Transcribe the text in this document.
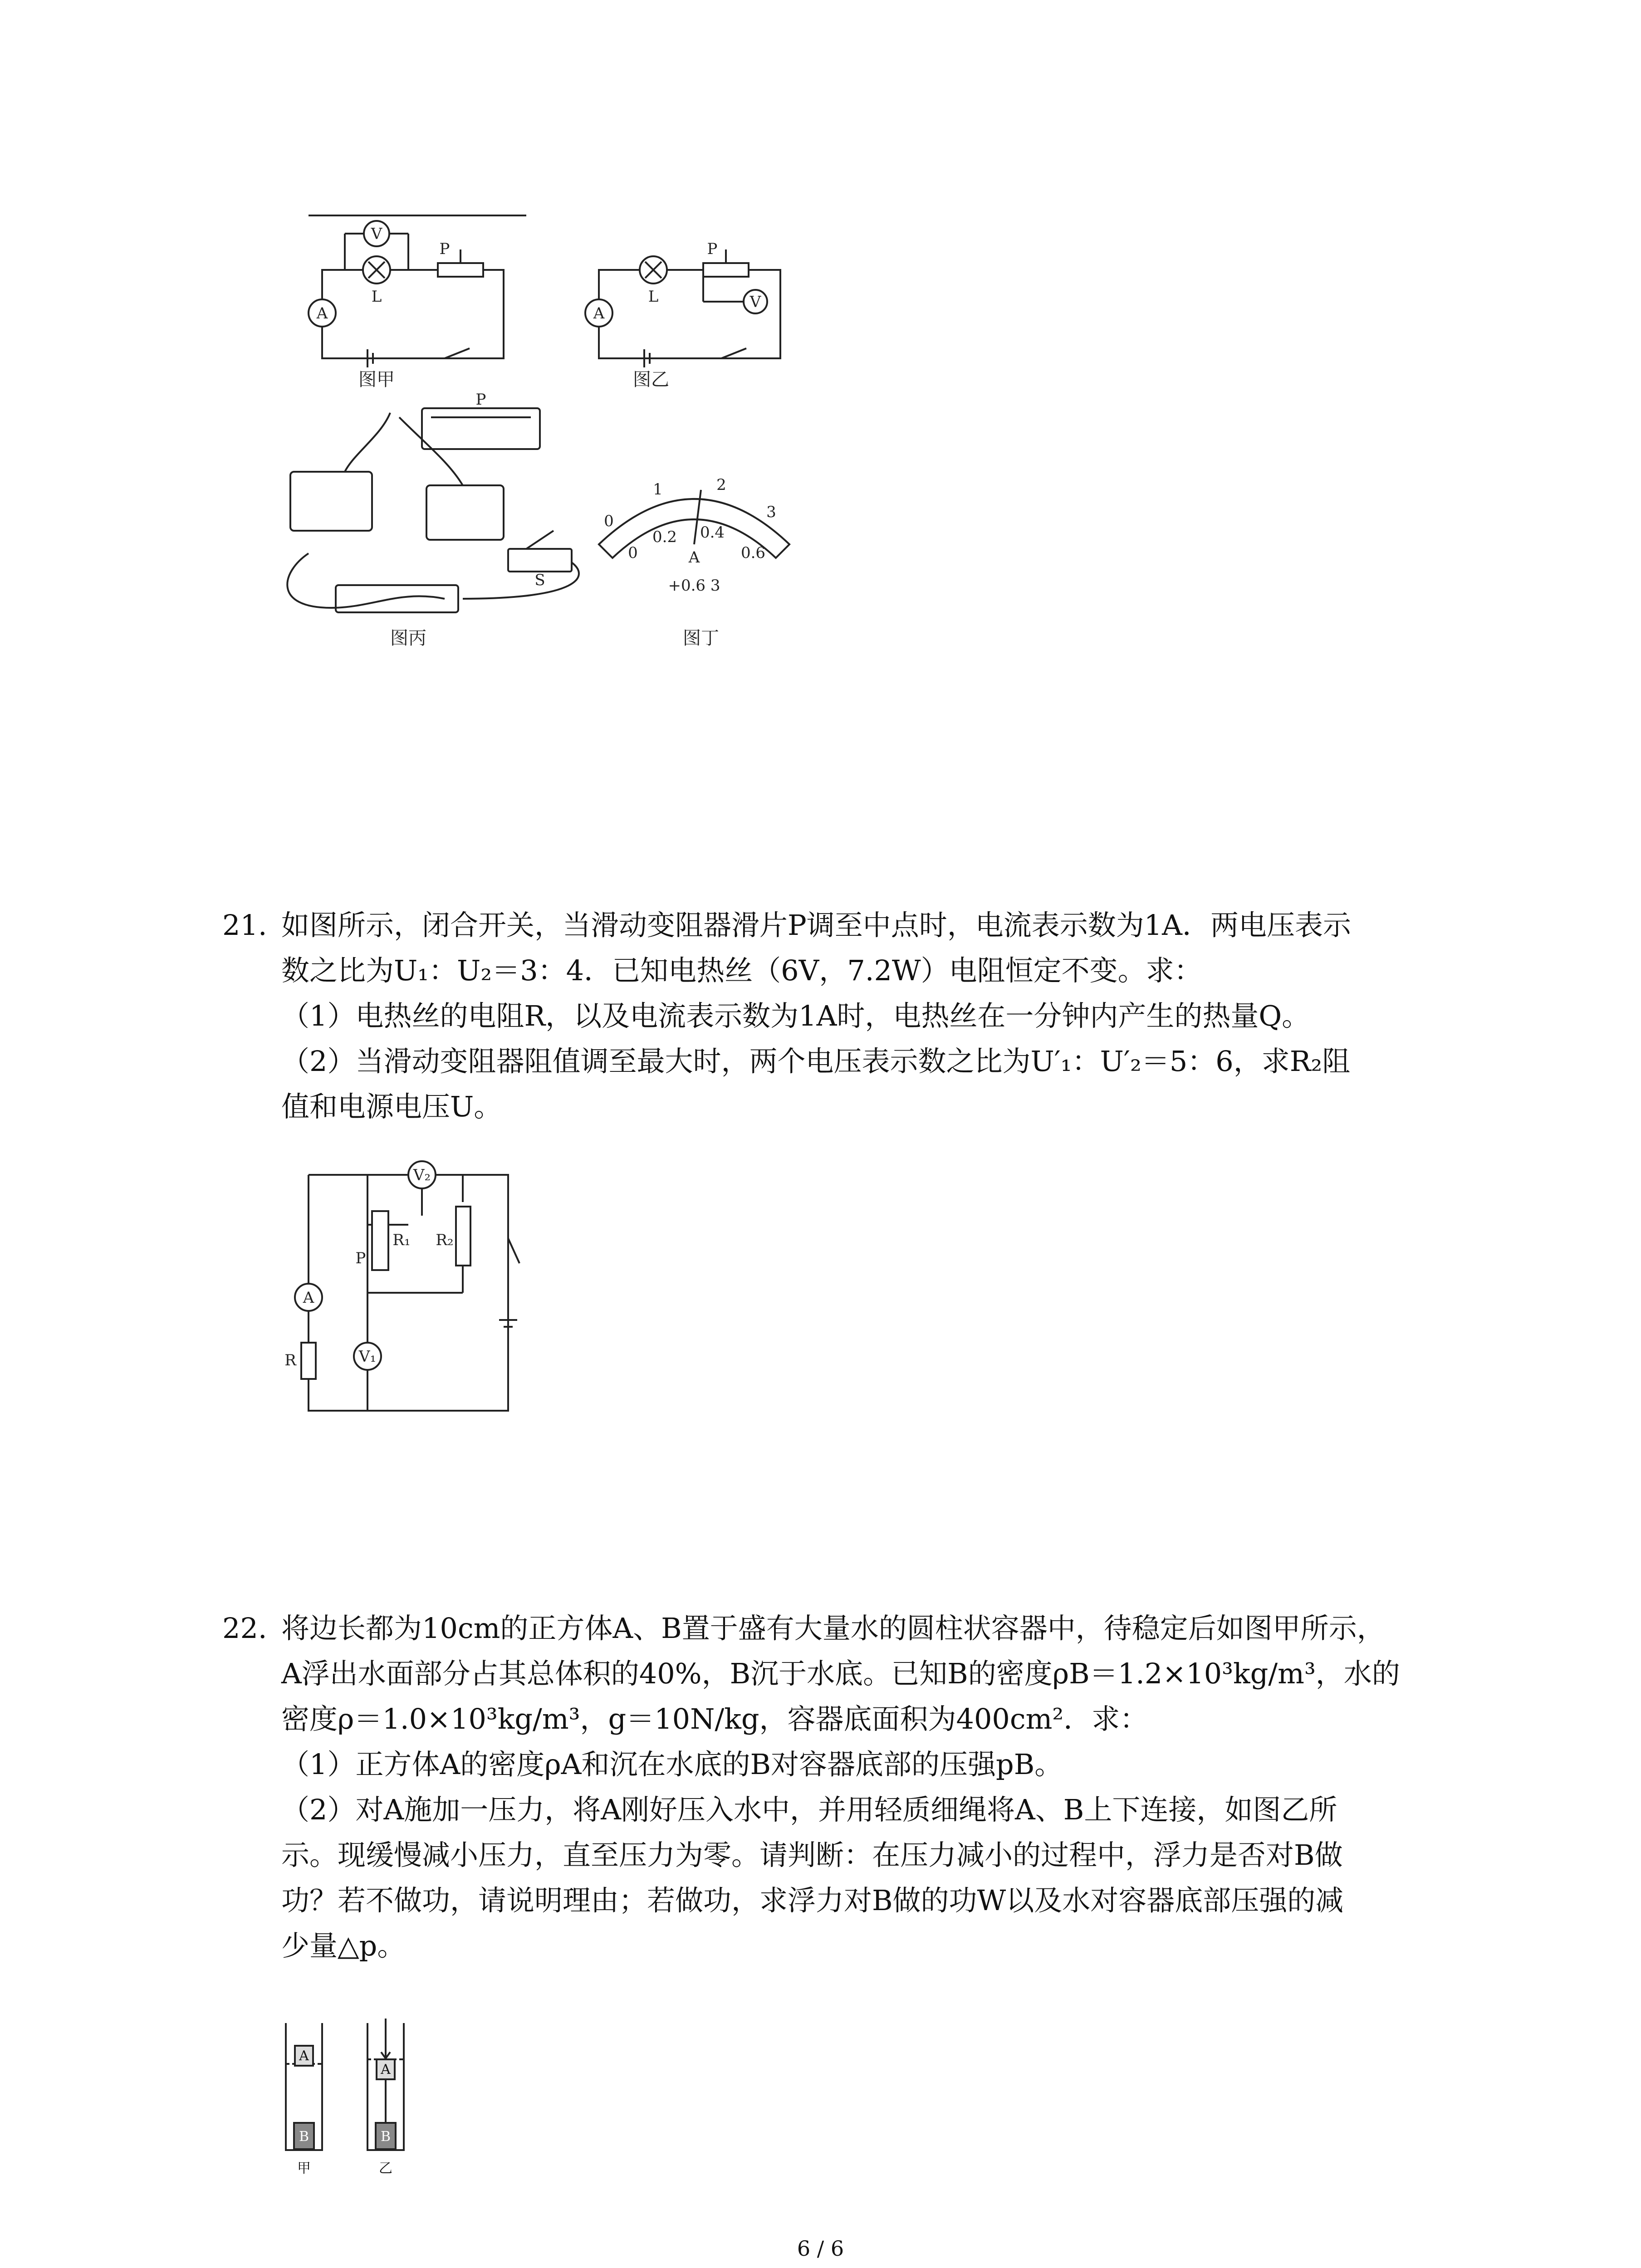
V
A
L
P
V
A
L
P
P
S
0
1	2
3
0
0.2 0.4
0.6
A
+0.6 3
图甲	图乙
图丙	图丁

21. 如图所示，闭合开关，当滑动变阻器滑片P调至中点时，电流表示数为1A．两电压表示

数之比为U₁：U₂＝3：4．已知电热丝（6V，7.2W）电阻恒定不变。求：

（1）电热丝的电阻R，以及电流表示数为1A时，电热丝在一分钟内产生的热量Q。

（2）当滑动变阻器阻值调至最大时，两个电压表示数之比为U′₁：U′₂＝5：6，求R₂阻

值和电源电压U。

V₂
R₁ R₂
P
A
R	V₁

22. 将边长都为10cm的正方体A、B置于盛有大量水的圆柱状容器中，待稳定后如图甲所示，

A浮出水面部分占其总体积的40%，B沉于水底。已知B的密度ρB＝1.2×10³kg/m³，水的

密度ρ＝1.0×10³kg/m³，g＝10N/kg，容器底面积为400cm²．求：

（1）正方体A的密度ρA和沉在水底的B对容器底部的压强pB。

（2）对A施加一压力，将A刚好压入水中，并用轻质细绳将A、B上下连接，如图乙所

示。现缓慢减小压力，直至压力为零。请判断：在压力减小的过程中，浮力是否对B做

功？若不做功，请说明理由；若做功，求浮力对B做的功W以及水对容器底部压强的减

少量△p。

A
B
A
B
甲	乙
6 / 6
